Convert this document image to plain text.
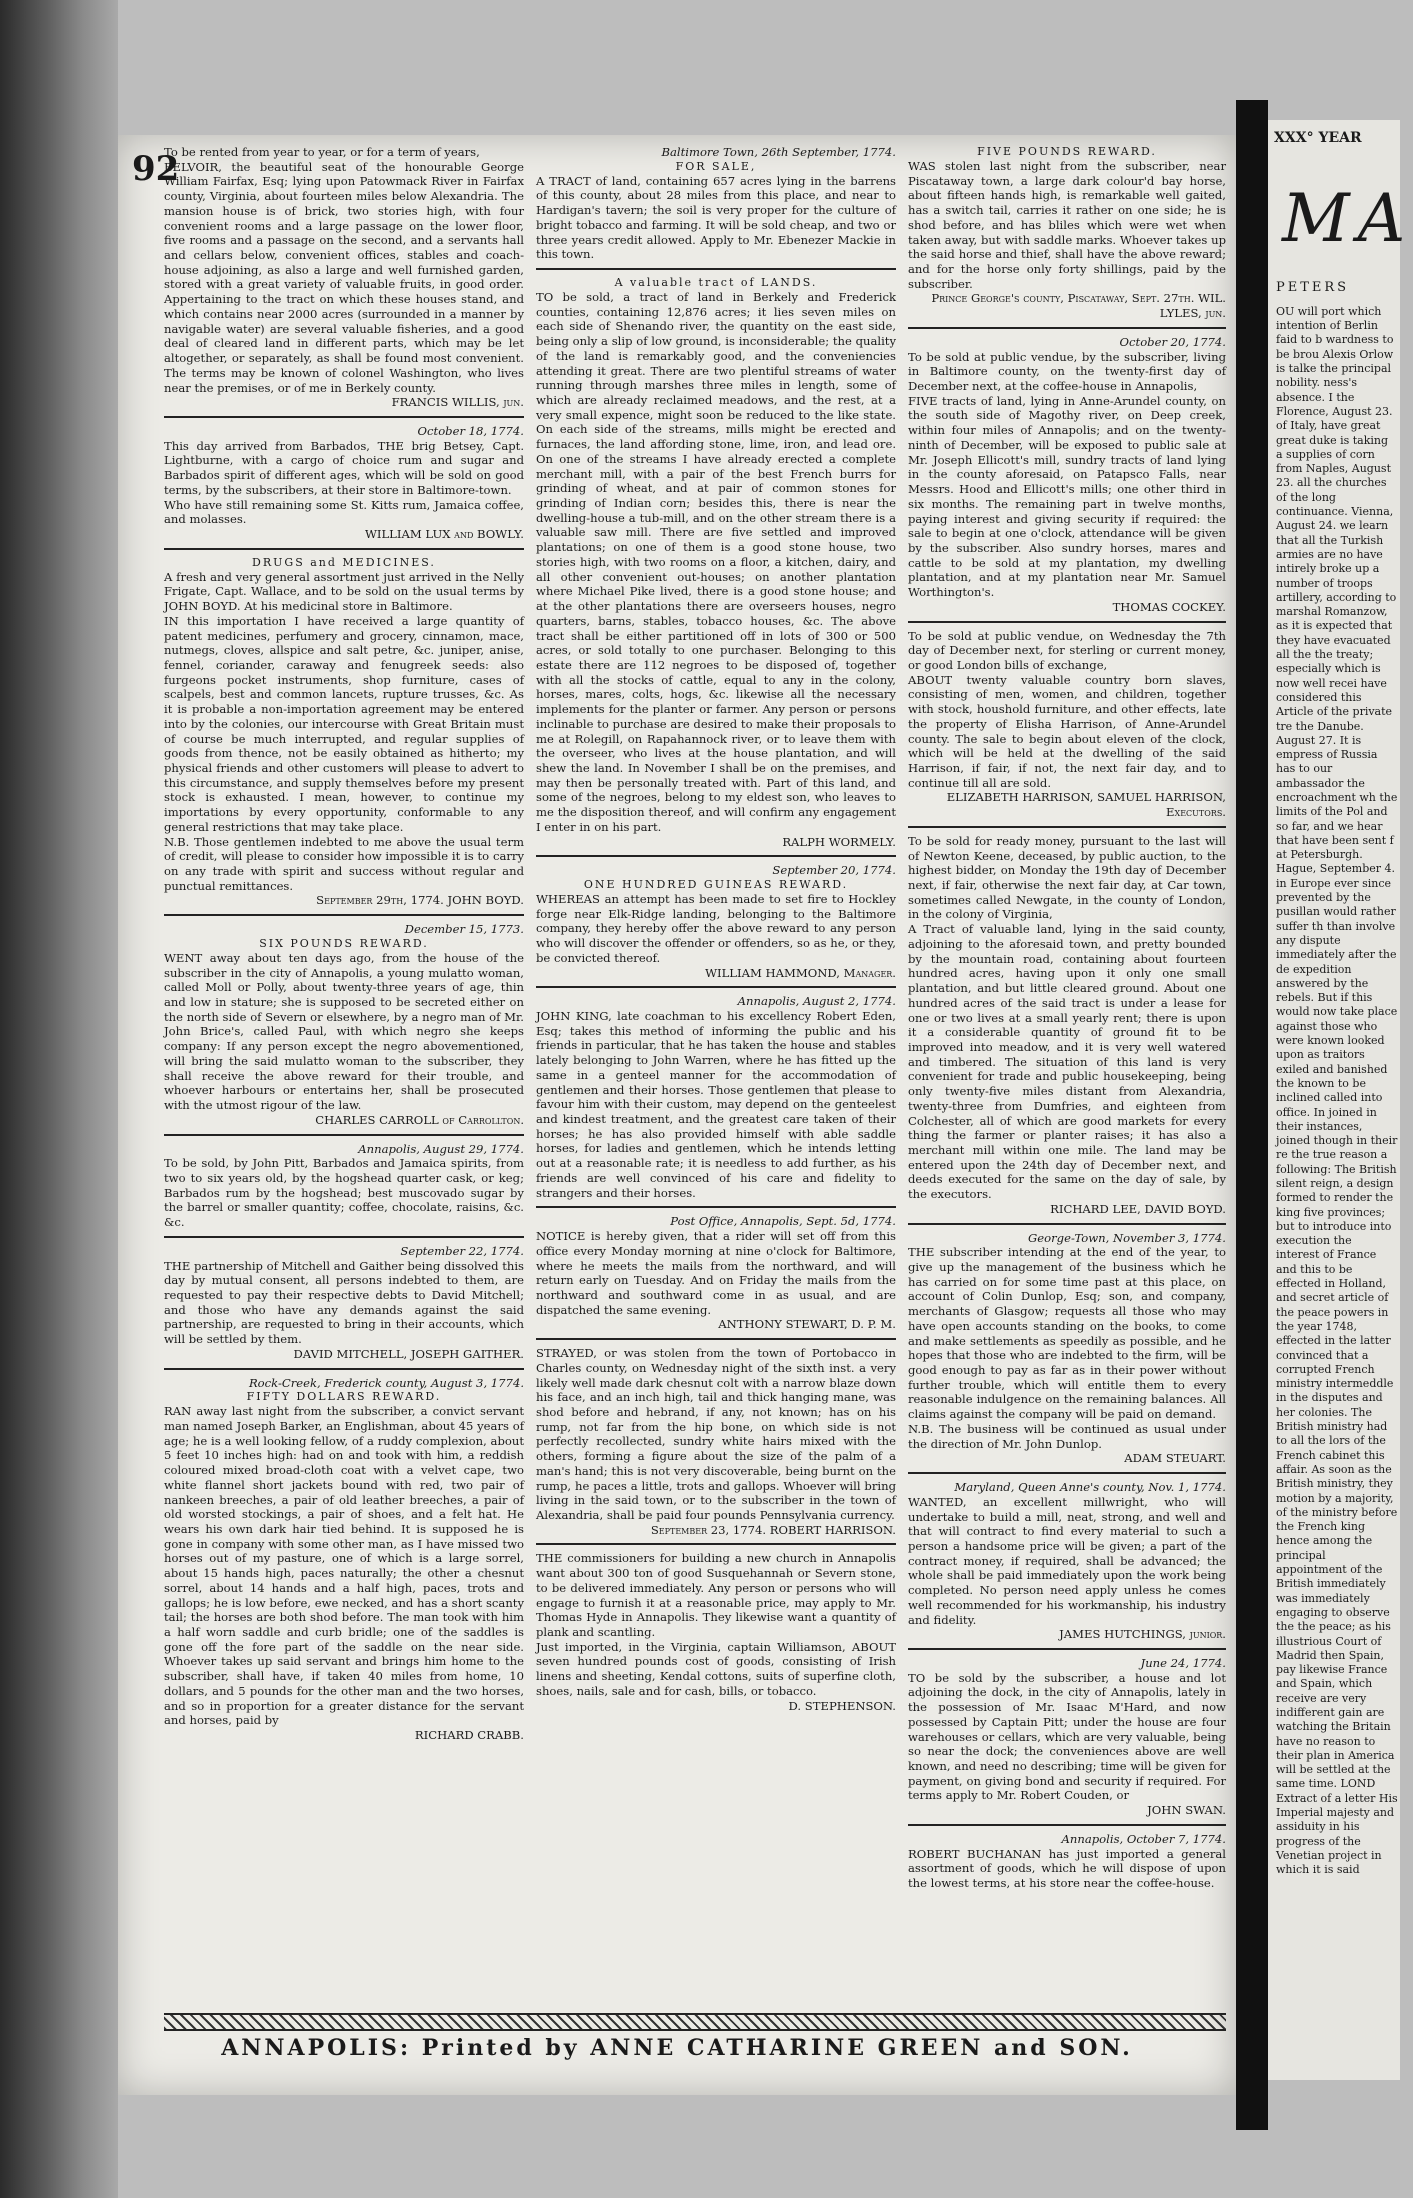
92

To be rented from year to year, or for a term of years,

BELVOIR, the beautiful seat of the honourable George William Fairfax, Esq; lying upon Patowmack River in Fairfax county, Virginia, about fourteen miles below Alexandria. The mansion house is of brick, two stories high, with four convenient rooms and a large passage on the lower floor, five rooms and a passage on the second, and a servants hall and cellars below, convenient offices, stables and coach-house adjoining, as also a large and well furnished garden, stored with a great variety of valuable fruits, in good order. Appertaining to the tract on which these houses stand, and which contains near 2000 acres (surrounded in a manner by navigable water) are several valuable fisheries, and a good deal of cleared land in different parts, which may be let altogether, or separately, as shall be found most convenient. The terms may be known of colonel Washington, who lives near the premises, or of me in Berkely county.

FRANCIS WILLIS, jun.

October 18, 1774.

This day arrived from Barbados, THE brig Betsey, Capt. Lightburne, with a cargo of choice rum and sugar and Barbados spirit of different ages, which will be sold on good terms, by the subscribers, at their store in Baltimore-town.

Who have still remaining some St. Kitts rum, Jamaica coffee, and molasses.

WILLIAM LUX and BOWLY.

DRUGS and MEDICINES.

A fresh and very general assortment just arrived in the Nelly Frigate, Capt. Wallace, and to be sold on the usual terms by JOHN BOYD. At his medicinal store in Baltimore.

IN this importation I have received a large quantity of patent medicines, perfumery and grocery, cinnamon, mace, nutmegs, cloves, allspice and salt petre, &c. juniper, anise, fennel, coriander, caraway and fenugreek seeds: also furgeons pocket instruments, shop furniture, cases of scalpels, best and common lancets, rupture trusses, &c. As it is probable a non-importation agreement may be entered into by the colonies, our intercourse with Great Britain must of course be much interrupted, and regular supplies of goods from thence, not be easily obtained as hitherto; my physical friends and other customers will please to advert to this circumstance, and supply themselves before my present stock is exhausted. I mean, however, to continue my importations by every opportunity, conformable to any general restrictions that may take place.

N.B. Those gentlemen indebted to me above the usual term of credit, will please to consider how impossible it is to carry on any trade with spirit and success without regular and punctual remittances.

September 29th, 1774. JOHN BOYD.

December 15, 1773.

SIX POUNDS REWARD.

WENT away about ten days ago, from the house of the subscriber in the city of Annapolis, a young mulatto woman, called Moll or Polly, about twenty-three years of age, thin and low in stature; she is supposed to be secreted either on the north side of Severn or elsewhere, by a negro man of Mr. John Brice's, called Paul, with which negro she keeps company: If any person except the negro abovementioned, will bring the said mulatto woman to the subscriber, they shall receive the above reward for their trouble, and whoever harbours or entertains her, shall be prosecuted with the utmost rigour of the law.

CHARLES CARROLL of Carrollton.

Annapolis, August 29, 1774.

To be sold, by John Pitt, Barbados and Jamaica spirits, from two to six years old, by the hogshead quarter cask, or keg; Barbados rum by the hogshead; best muscovado sugar by the barrel or smaller quantity; coffee, chocolate, raisins, &c. &c.

September 22, 1774.

THE partnership of Mitchell and Gaither being dissolved this day by mutual consent, all persons indebted to them, are requested to pay their respective debts to David Mitchell; and those who have any demands against the said partnership, are requested to bring in their accounts, which will be settled by them.

DAVID MITCHELL, JOSEPH GAITHER.

Rock-Creek, Frederick county, August 3, 1774.

FIFTY DOLLARS REWARD.

RAN away last night from the subscriber, a convict servant man named Joseph Barker, an Englishman, about 45 years of age; he is a well looking fellow, of a ruddy complexion, about 5 feet 10 inches high: had on and took with him, a reddish coloured mixed broad-cloth coat with a velvet cape, two white flannel short jackets bound with red, two pair of nankeen breeches, a pair of old leather breeches, a pair of old worsted stockings, a pair of shoes, and a felt hat. He wears his own dark hair tied behind. It is supposed he is gone in company with some other man, as I have missed two horses out of my pasture, one of which is a large sorrel, about 15 hands high, paces naturally; the other a chesnut sorrel, about 14 hands and a half high, paces, trots and gallops; he is low before, ewe necked, and has a short scanty tail; the horses are both shod before. The man took with him a half worn saddle and curb bridle; one of the saddles is gone off the fore part of the saddle on the near side. Whoever takes up said servant and brings him home to the subscriber, shall have, if taken 40 miles from home, 10 dollars, and 5 pounds for the other man and the two horses, and so in proportion for a greater distance for the servant and horses, paid by

RICHARD CRABB.

Baltimore Town, 26th September, 1774.

FOR SALE,

A TRACT of land, containing 657 acres lying in the barrens of this county, about 28 miles from this place, and near to Hardigan's tavern; the soil is very proper for the culture of bright tobacco and farming. It will be sold cheap, and two or three years credit allowed. Apply to Mr. Ebenezer Mackie in this town.

A valuable tract of LANDS.

TO be sold, a tract of land in Berkely and Frederick counties, containing 12,876 acres; it lies seven miles on each side of Shenando river, the quantity on the east side, being only a slip of low ground, is inconsiderable; the quality of the land is remarkably good, and the conveniencies attending it great. There are two plentiful streams of water running through marshes three miles in length, some of which are already reclaimed meadows, and the rest, at a very small expence, might soon be reduced to the like state. On each side of the streams, mills might be erected and furnaces, the land affording stone, lime, iron, and lead ore. On one of the streams I have already erected a complete merchant mill, with a pair of the best French burrs for grinding of wheat, and at pair of common stones for grinding of Indian corn; besides this, there is near the dwelling-house a tub-mill, and on the other stream there is a valuable saw mill. There are five settled and improved plantations; on one of them is a good stone house, two stories high, with two rooms on a floor, a kitchen, dairy, and all other convenient out-houses; on another plantation where Michael Pike lived, there is a good stone house; and at the other plantations there are overseers houses, negro quarters, barns, stables, tobacco houses, &c. The above tract shall be either partitioned off in lots of 300 or 500 acres, or sold totally to one purchaser. Belonging to this estate there are 112 negroes to be disposed of, together with all the stocks of cattle, equal to any in the colony, horses, mares, colts, hogs, &c. likewise all the necessary implements for the planter or farmer. Any person or persons inclinable to purchase are desired to make their proposals to me at Rolegill, on Rapahannock river, or to leave them with the overseer, who lives at the house plantation, and will shew the land. In November I shall be on the premises, and may then be personally treated with. Part of this land, and some of the negroes, belong to my eldest son, who leaves to me the disposition thereof, and will confirm any engagement I enter in on his part.

RALPH WORMELY.

September 20, 1774.

ONE HUNDRED GUINEAS REWARD.

WHEREAS an attempt has been made to set fire to Hockley forge near Elk-Ridge landing, belonging to the Baltimore company, they hereby offer the above reward to any person who will discover the offender or offenders, so as he, or they, be convicted thereof.

WILLIAM HAMMOND, Manager.

Annapolis, August 2, 1774.

JOHN KING, late coachman to his excellency Robert Eden, Esq; takes this method of informing the public and his friends in particular, that he has taken the house and stables lately belonging to John Warren, where he has fitted up the same in a genteel manner for the accommodation of gentlemen and their horses. Those gentlemen that please to favour him with their custom, may depend on the genteelest and kindest treatment, and the greatest care taken of their horses; he has also provided himself with able saddle horses, for ladies and gentlemen, which he intends letting out at a reasonable rate; it is needless to add further, as his friends are well convinced of his care and fidelity to strangers and their horses.

Post Office, Annapolis, Sept. 5d, 1774.

NOTICE is hereby given, that a rider will set off from this office every Monday morning at nine o'clock for Baltimore, where he meets the mails from the northward, and will return early on Tuesday. And on Friday the mails from the northward and southward come in as usual, and are dispatched the same evening.

ANTHONY STEWART, D. P. M.

STRAYED, or was stolen from the town of Portobacco in Charles county, on Wednesday night of the sixth inst. a very likely well made dark chesnut colt with a narrow blaze down his face, and an inch high, tail and thick hanging mane, was shod before and hebrand, if any, not known; has on his rump, not far from the hip bone, on which side is not perfectly recollected, sundry white hairs mixed with the others, forming a figure about the size of the palm of a man's hand; this is not very discoverable, being burnt on the rump, he paces a little, trots and gallops. Whoever will bring living in the said town, or to the subscriber in the town of Alexandria, shall be paid four pounds Pennsylvania currency.

September 23, 1774. ROBERT HARRISON.

THE commissioners for building a new church in Annapolis want about 300 ton of good Susquehannah or Severn stone, to be delivered immediately. Any person or persons who will engage to furnish it at a reasonable price, may apply to Mr. Thomas Hyde in Annapolis. They likewise want a quantity of plank and scantling.

Just imported, in the Virginia, captain Williamson, ABOUT seven hundred pounds cost of goods, consisting of Irish linens and sheeting, Kendal cottons, suits of superfine cloth, shoes, nails, sale and for cash, bills, or tobacco.

D. STEPHENSON.

FIVE POUNDS REWARD.

WAS stolen last night from the subscriber, near Piscataway town, a large dark colour'd bay horse, about fifteen hands high, is remarkable well gaited, has a switch tail, carries it rather on one side; he is shod before, and has bliles which were wet when taken away, but with saddle marks. Whoever takes up the said horse and thief, shall have the above reward; and for the horse only forty shillings, paid by the subscriber.

Prince George's county, Piscataway, Sept. 27th. WIL. LYLES, jun.

October 20, 1774.

To be sold at public vendue, by the subscriber, living in Baltimore county, on the twenty-first day of December next, at the coffee-house in Annapolis,

FIVE tracts of land, lying in Anne-Arundel county, on the south side of Magothy river, on Deep creek, within four miles of Annapolis; and on the twenty-ninth of December, will be exposed to public sale at Mr. Joseph Ellicott's mill, sundry tracts of land lying in the county aforesaid, on Patapsco Falls, near Messrs. Hood and Ellicott's mills; one other third in six months. The remaining part in twelve months, paying interest and giving security if required: the sale to begin at one o'clock, attendance will be given by the subscriber. Also sundry horses, mares and cattle to be sold at my plantation, my dwelling plantation, and at my plantation near Mr. Samuel Worthington's.

THOMAS COCKEY.

To be sold at public vendue, on Wednesday the 7th day of December next, for sterling or current money, or good London bills of exchange,

ABOUT twenty valuable country born slaves, consisting of men, women, and children, together with stock, houshold furniture, and other effects, late the property of Elisha Harrison, of Anne-Arundel county. The sale to begin about eleven of the clock, which will be held at the dwelling of the said Harrison, if fair, if not, the next fair day, and to continue till all are sold.

ELIZABETH HARRISON, SAMUEL HARRISON, Executors.

To be sold for ready money, pursuant to the last will of Newton Keene, deceased, by public auction, to the highest bidder, on Monday the 19th day of December next, if fair, otherwise the next fair day, at Car town, sometimes called Newgate, in the county of London, in the colony of Virginia,

A Tract of valuable land, lying in the said county, adjoining to the aforesaid town, and pretty bounded by the mountain road, containing about fourteen hundred acres, having upon it only one small plantation, and but little cleared ground. About one hundred acres of the said tract is under a lease for one or two lives at a small yearly rent; there is upon it a considerable quantity of ground fit to be improved into meadow, and it is very well watered and timbered. The situation of this land is very convenient for trade and public housekeeping, being only twenty-five miles distant from Alexandria, twenty-three from Dumfries, and eighteen from Colchester, all of which are good markets for every thing the farmer or planter raises; it has also a merchant mill within one mile. The land may be entered upon the 24th day of December next, and deeds executed for the same on the day of sale, by the executors.

RICHARD LEE, DAVID BOYD.

George-Town, November 3, 1774.

THE subscriber intending at the end of the year, to give up the management of the business which he has carried on for some time past at this place, on account of Colin Dunlop, Esq; son, and company, merchants of Glasgow; requests all those who may have open accounts standing on the books, to come and make settlements as speedily as possible, and he hopes that those who are indebted to the firm, will be good enough to pay as far as in their power without further trouble, which will entitle them to every reasonable indulgence on the remaining balances. All claims against the company will be paid on demand.

N.B. The business will be continued as usual under the direction of Mr. John Dunlop.

ADAM STEUART.

Maryland, Queen Anne's county, Nov. 1, 1774.

WANTED, an excellent millwright, who will undertake to build a mill, neat, strong, and well and that will contract to find every material to such a person a handsome price will be given; a part of the contract money, if required, shall be advanced; the whole shall be paid immediately upon the work being completed. No person need apply unless he comes well recommended for his workmanship, his industry and fidelity.

JAMES HUTCHINGS, junior.

June 24, 1774.

TO be sold by the subscriber, a house and lot adjoining the dock, in the city of Annapolis, lately in the possession of Mr. Isaac M'Hard, and now possessed by Captain Pitt; under the house are four warehouses or cellars, which are very valuable, being so near the dock; the conveniences above are well known, and need no describing; time will be given for payment, on giving bond and security if required. For terms apply to Mr. Robert Couden, or

JOHN SWAN.

Annapolis, October 7, 1774.

ROBERT BUCHANAN has just imported a general assortment of goods, which he will dispose of upon the lowest terms, at his store near the coffee-house.

ANNAPOLIS: Printed by ANNE CATHARINE GREEN and SON.
XXX° YEAR
MA
PETERS
OU will port which intention of Berlin faid to b wardness to be brou Alexis Orlow is talke the principal nobility. ness's absence. I the Florence, August 23. of Italy, have great great duke is taking a supplies of corn from Naples, August 23. all the churches of the long continuance. Vienna, August 24. we learn that all the Turkish armies are no have intirely broke up a number of troops artillery, according to marshal Romanzow, as it is expected that they have evacuated all the the treaty; especially which is now well recei have considered this Article of the private tre the Danube. August 27. It is empress of Russia has to our ambassador the encroachment wh the limits of the Pol and so far, and we hear that have been sent f at Petersburgh. Hague, September 4. in Europe ever since prevented by the pusillan would rather suffer th than involve any dispute immediately after the de expedition answered by the rebels. But if this would now take place against those who were known looked upon as traitors exiled and banished the known to be inclined called into office. In joined in their instances, joined though in their re the true reason a following: The British silent reign, a design formed to render the king five provinces; but to introduce into execution the interest of France and this to be effected in Holland, and secret article of the peace powers in the year 1748, effected in the latter convinced that a corrupted French ministry intermeddle in the disputes and her colonies. The British ministry had to all the lors of the French cabinet this affair. As soon as the British ministry, they motion by a majority, of the ministry before the French king hence among the principal appointment of the British immediately was immediately engaging to observe the the peace; as his illustrious Court of Madrid then Spain, pay likewise France and Spain, which receive are very indifferent gain are watching the Britain have no reason to their plan in America will be settled at the same time. LOND Extract of a letter His Imperial majesty and assiduity in his progress of the Venetian project in which it is said
